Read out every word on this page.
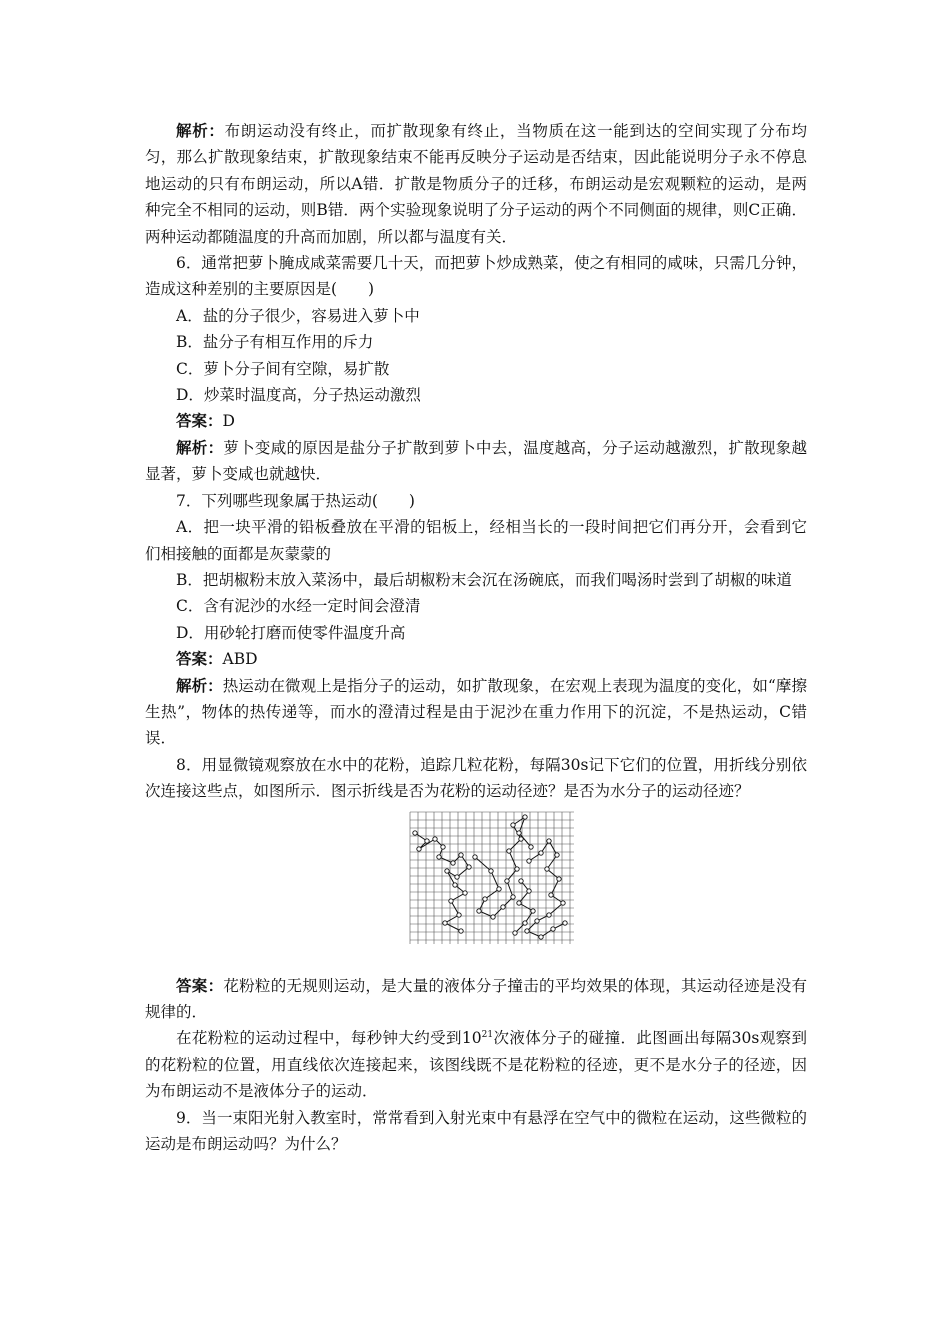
解析：布朗运动没有终止，而扩散现象有终止，当物质在这一能到达的空间实现了分布均匀，那么扩散现象结束，扩散现象结束不能再反映分子运动是否结束，因此能说明分子永不停息地运动的只有布朗运动，所以A错．扩散是物质分子的迁移，布朗运动是宏观颗粒的运动，是两种完全不相同的运动，则B错．两个实验现象说明了分子运动的两个不同侧面的规律，则C正确．两种运动都随温度的升高而加剧，所以都与温度有关．

6．通常把萝卜腌成咸菜需要几十天，而把萝卜炒成熟菜，使之有相同的咸味，只需几分钟，造成这种差别的主要原因是(　　)

A．盐的分子很少，容易进入萝卜中

B．盐分子有相互作用的斥力

C．萝卜分子间有空隙，易扩散

D．炒菜时温度高，分子热运动激烈

答案：D

解析：萝卜变咸的原因是盐分子扩散到萝卜中去，温度越高，分子运动越激烈，扩散现象越显著，萝卜变咸也就越快．

7．下列哪些现象属于热运动(　　)

A．把一块平滑的铅板叠放在平滑的铝板上，经相当长的一段时间把它们再分开，会看到它们相接触的面都是灰蒙蒙的

B．把胡椒粉末放入菜汤中，最后胡椒粉末会沉在汤碗底，而我们喝汤时尝到了胡椒的味道

C．含有泥沙的水经一定时间会澄清

D．用砂轮打磨而使零件温度升高

答案：ABD

解析：热运动在微观上是指分子的运动，如扩散现象，在宏观上表现为温度的变化，如“摩擦生热”，物体的热传递等，而水的澄清过程是由于泥沙在重力作用下的沉淀，不是热运动，C错误．

8．用显微镜观察放在水中的花粉，追踪几粒花粉，每隔30s记下它们的位置，用折线分别依次连接这些点，如图所示．图示折线是否为花粉的运动径迹？是否为水分子的运动径迹？

答案：花粉粒的无规则运动，是大量的液体分子撞击的平均效果的体现，其运动径迹是没有规律的．

在花粉粒的运动过程中，每秒钟大约受到$10^{21}$次液体分子的碰撞．此图画出每隔30s观察到的花粉粒的位置，用直线依次连接起来，该图线既不是花粉粒的径迹，更不是水分子的径迹，因为布朗运动不是液体分子的运动．

9．当一束阳光射入教室时，常常看到入射光束中有悬浮在空气中的微粒在运动，这些微粒的运动是布朗运动吗？为什么？
